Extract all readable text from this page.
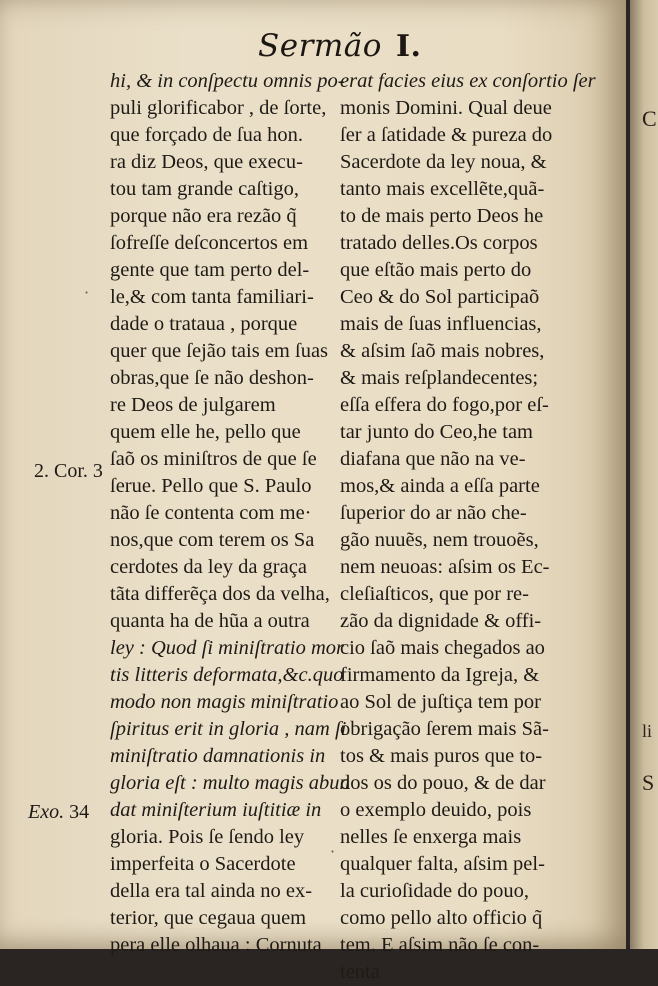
Sermão I.
hi, & in conſpectu omnis po-
puli glorificabor , de ſorte,
que forçado de ſua hon.
ra diz Deos, que execu-
tou tam grande caſtigo,
porque não era rezão q̃
ſofreſſe deſconcertos em
gente que tam perto del-
le,& com tanta familiari-
dade o trataua , porque
quer que ſejão tais em ſuas
obras,que ſe não deshon-
re Deos de julgarem
quem elle he, pello que
ſaõ os miniſtros de que ſe
ſerue. Pello que S. Paulo
não ſe contenta com me·
nos,que com terem os Sa
cerdotes da ley da graça
tãta differẽça dos da velha,
quanta ha de hũa a outra
ley : Quod ſi miniſtratio mor
tis litteris deformata,&c.quo
modo non magis miniſtratio
ſpiritus erit in gloria , nam ſi
miniſtratio damnationis in
gloria eſt : multo magis abun
dat miniſterium iuſtitiæ in
gloria. Pois ſe ſendo ley
imperfeita o Sacerdote
della era tal ainda no ex-
terior, que cegaua quem
pera elle olhaua : Cornuta
erat facies eius ex conſortio ſer
monis Domini. Qual deue
ſer a ſatidade & pureza do
Sacerdote da ley noua, &
tanto mais excellẽte,quã-
to de mais perto Deos he
tratado delles.Os corpos
que eſtão mais perto do
Ceo & do Sol participaõ
mais de ſuas influencias,
& aſsim ſaõ mais nobres,
& mais reſplandecentes;
eſſa eſfera do fogo,por eſ-
tar junto do Ceo,he tam
diafana que não na ve-
mos,& ainda a eſſa parte
ſuperior do ar não che-
gão nuuẽs, nem trouoẽs,
nem neuoas: aſsim os Ec-
cleſiaſticos, que por re-
zão da dignidade & offi-
cio ſaõ mais chegados ao
firmamento da Igreja, &
ao Sol de juſtiça tem por
obrigação ſerem mais Sã-
tos & mais puros que to-
dos os do pouo, & de dar
o exemplo deuido, pois
nelles ſe enxerga mais
qualquer falta, aſsim pel-
la curioſidade do pouo,
como pello alto officio q̃
tem. E aſsim não ſe con-
tenta
2. Cor. 3
Exo. 34
·
·
C
li
S
